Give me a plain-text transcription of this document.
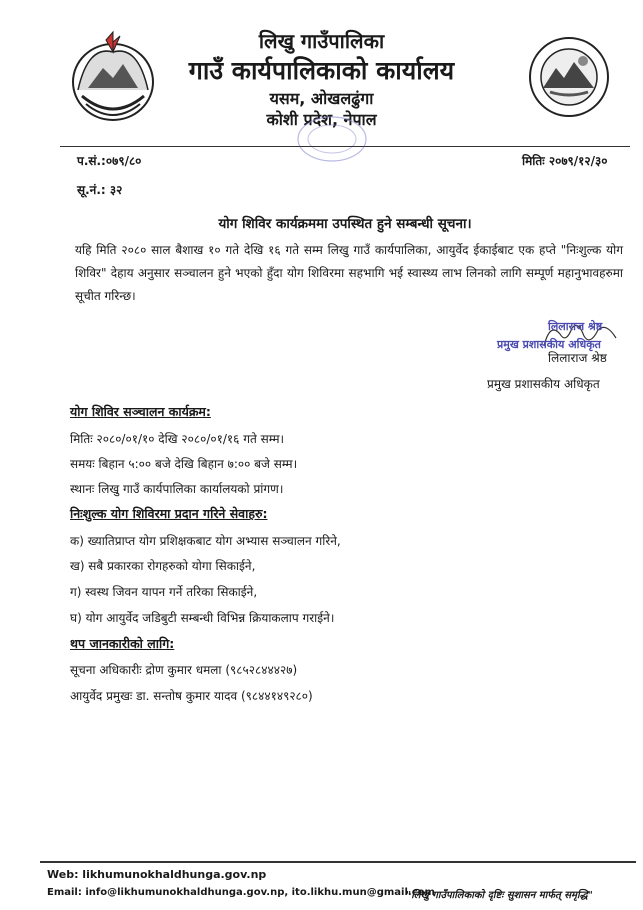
लिखु गाउँपालिका
गाउँ कार्यपालिकाको कार्यालय
यसम, ओखलढुंगा
कोशी प्रदेश, नेपाल
प.सं.:०७९/८०	मितिः २०७९/१२/३०
सू.नं.: ३२
योग शिविर कार्यक्रममा उपस्थित हुने सम्बन्धी सूचना।
यहि मिति २०८० साल बैशाख १० गते देखि १६ गते सम्म लिखु गाउँ कार्यपालिका, आयुर्वेद ईकाईबाट एक हप्ते "निःशुल्क योग शिविर" देहाय अनुसार सञ्चालन हुने भएको हुँदा योग शिविरमा सहभागि भई स्वास्थ्य लाभ लिनको लागि सम्पूर्ण महानुभावहरुमा सूचीत गरिन्छ।
लिलाराज श्रेष्ठ
प्रमुख प्रशासकीय अधिकृत
लिलाराज श्रेष्ठ
प्रमुख प्रशासकीय अधिकृत
योग शिविर सञ्चालन कार्यक्रम:
मितिः २०८०/०१/१० देखि २०८०/०१/१६ गते सम्म।
समयः बिहान ५:०० बजे देखि बिहान ७:०० बजे सम्म।
स्थानः लिखु गाउँ कार्यपालिका कार्यालयको प्रांगण।
निःशुल्क योग शिविरमा प्रदान गरिने सेवाहरु:
क) ख्यातिप्राप्त योग प्रशिक्षकबाट योग अभ्यास सञ्चालन गरिने,
ख) सबै प्रकारका रोगहरुको योगा सिकाईने,
ग) स्वस्थ जिवन यापन गर्ने तरिका सिकाईने,
घ) योग आयुर्वेद जडिबुटी सम्बन्धी विभिन्न क्रियाकलाप गराईने।
थप जानकारीको लागि:
सूचना अधिकारीः द्रोण कुमार धमला (९८५२८४४४२७)
आयुर्वेद प्रमुखः डा. सन्तोष कुमार यादव (९८४४१४९२८०)
Web: likhumunokhaldhunga.gov.np
Email: info@likhumunokhaldhunga.gov.np, ito.likhu.mun@gmail.com
"लिखु गाउँपालिकाको दृष्टिः सुशासन मार्फत् समृद्धि"
